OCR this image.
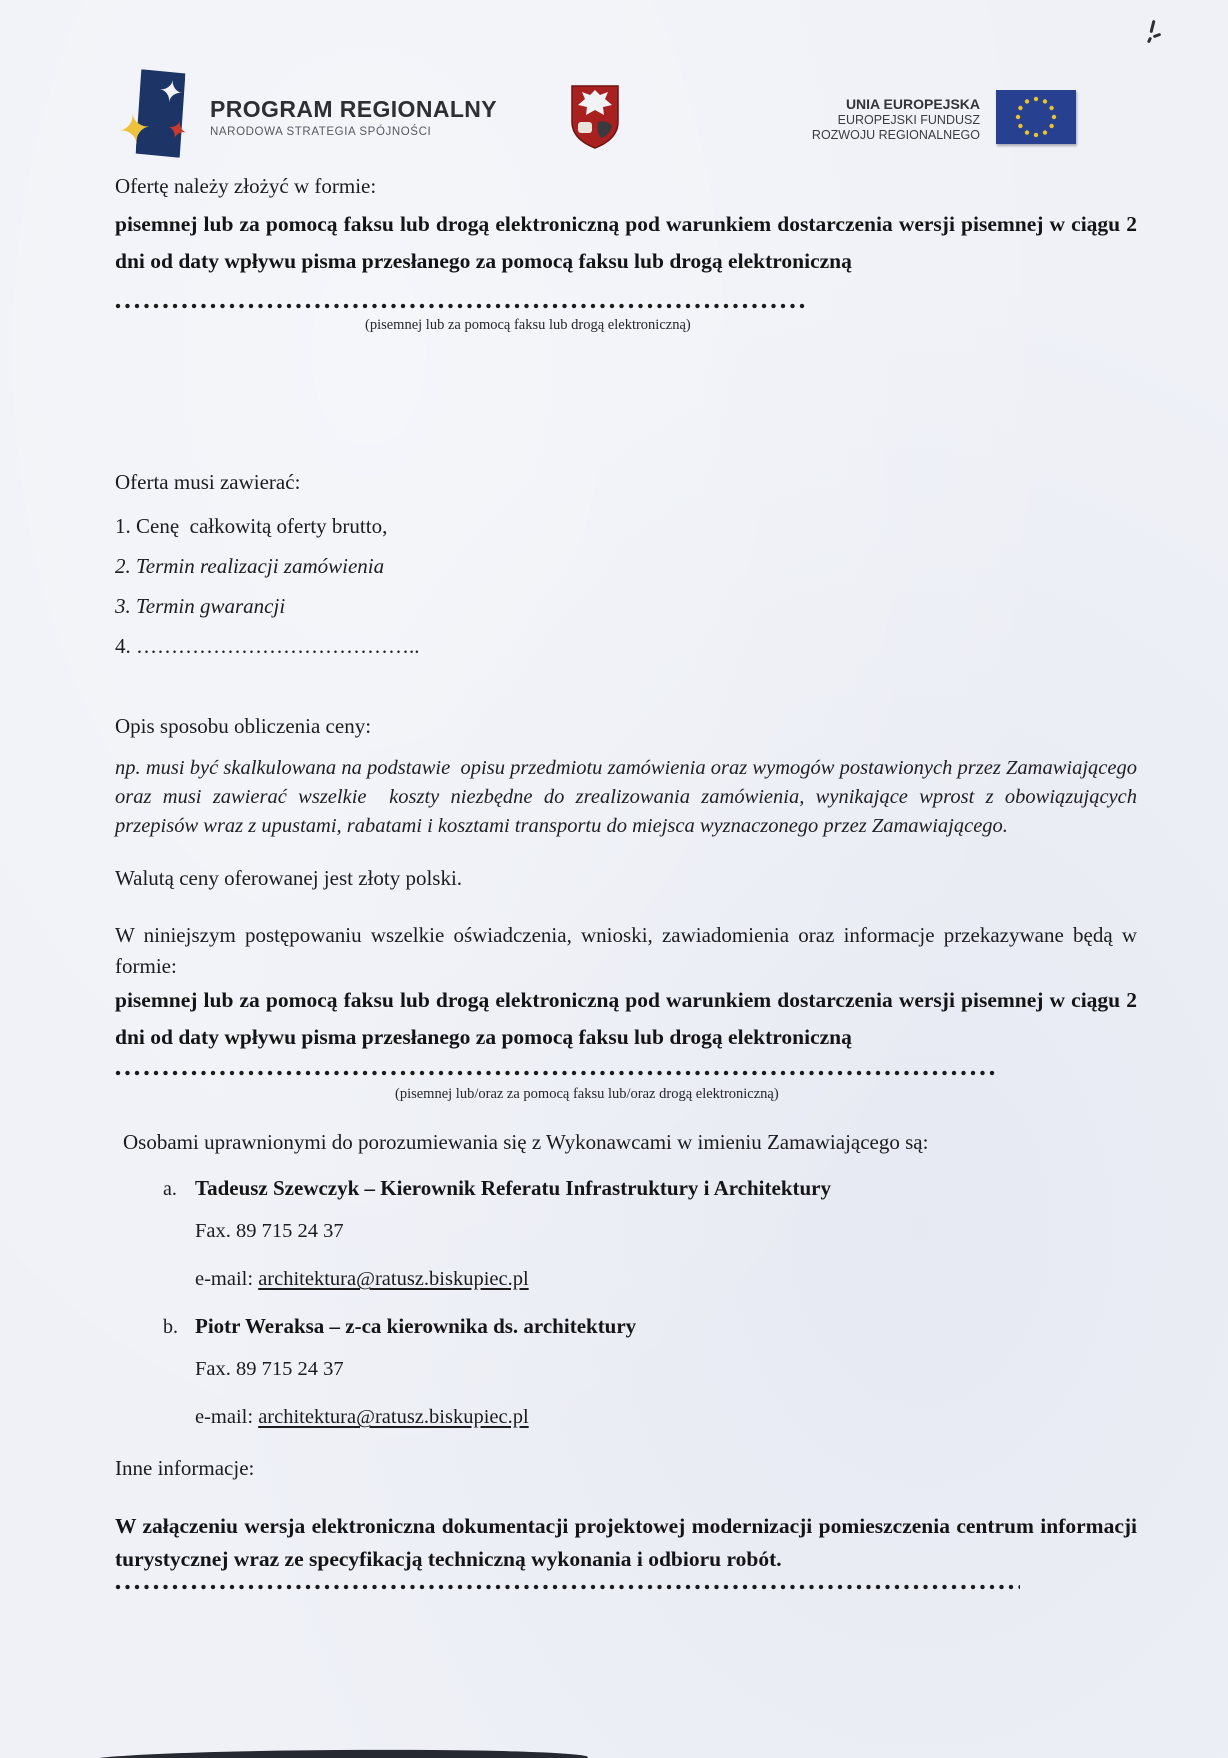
✦
✦ ✦
PROGRAM REGIONALNY
NARODOWA STRATEGIA SPÓJNOŚCI
UNIA EUROPEJSKA
EUROPEJSKI FUNDUSZ
ROZWOJU REGIONALNEGO
Ofertę należy złożyć w formie:
pisemnej lub za pomocą faksu lub drogą elektroniczną pod warunkiem dostarczenia wersji pisemnej w ciągu 2 dni od daty wpływu pisma przesłanego za pomocą faksu lub drogą elektroniczną
(pisemnej lub za pomocą faksu lub drogą elektroniczną)
Oferta musi zawierać:
1. Cenę  całkowitą oferty brutto,
2. Termin realizacji zamówienia
3. Termin gwarancji
4. …………………………………..
Opis sposobu obliczenia ceny:
np. musi być skalkulowana na podstawie  opisu przedmiotu zamówienia oraz wymogów postawionych przez Zamawiającego oraz musi zawierać wszelkie  koszty niezbędne do zrealizowania zamówienia, wynikające wprost z obowiązujących przepisów wraz z upustami, rabatami i kosztami transportu do miejsca wyznaczonego przez Zamawiającego.
Walutą ceny oferowanej jest złoty polski.
W niniejszym postępowaniu wszelkie oświadczenia, wnioski, zawiadomienia oraz informacje przekazywane będą w formie:
pisemnej lub za pomocą faksu lub drogą elektroniczną pod warunkiem dostarczenia wersji pisemnej w ciągu 2 dni od daty wpływu pisma przesłanego za pomocą faksu lub drogą elektroniczną
(pisemnej lub/oraz za pomocą faksu lub/oraz drogą elektroniczną)
Osobami uprawnionymi do porozumiewania się z Wykonawcami w imieniu Zamawiającego są:
a. Tadeusz Szewczyk – Kierownik Referatu Infrastruktury i Architektury
Fax. 89 715 24 37
e-mail: architektura@ratusz.biskupiec.pl
b. Piotr Weraksa – z-ca kierownika ds. architektury
Fax. 89 715 24 37
e-mail: architektura@ratusz.biskupiec.pl
Inne informacje:
W załączeniu wersja elektroniczna dokumentacji projektowej modernizacji pomieszczenia centrum informacji turystycznej wraz ze specyfikacją techniczną wykonania i odbioru robót.
